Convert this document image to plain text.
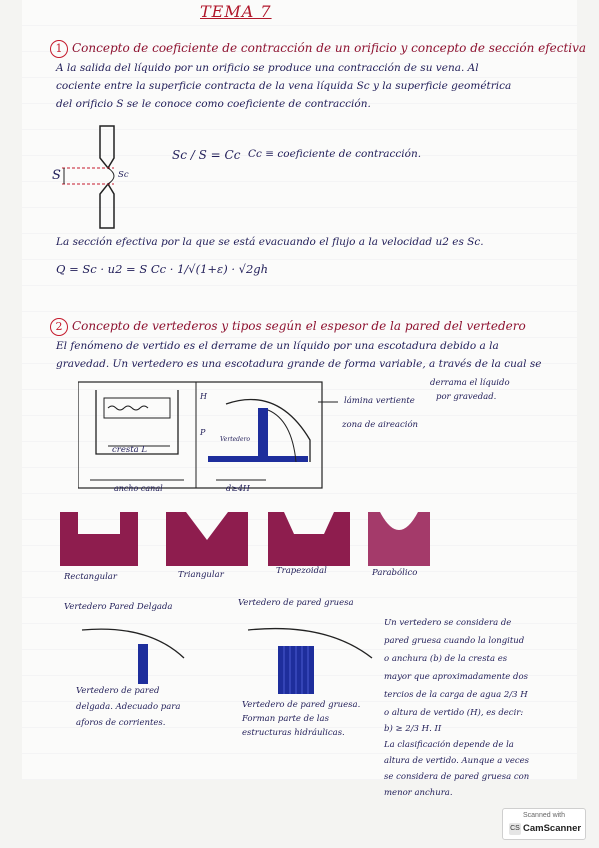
TEMA 7
1 Concepto de coeficiente de contracción de un orificio y concepto de sección efectiva
A la salida del líquido por un orificio se produce una contracción de su vena. Al
cociente entre la superficie contracta de la vena líquida Sc y la superficie geométrica
del orificio S se le conoce como coeficiente de contracción.
S	Sc
Sc / S = Cc Cc ≡ coeficiente de contracción.
La sección efectiva por la que se está evacuando el flujo a la velocidad u2 es Sc.
Q = Sc · u2 = S Cc · 1/√(1+ε) · √2gh
2 Concepto de vertederos y tipos según el espesor de la pared del vertedero
El fenómeno de vertido es el derrame de un líquido por una escotadura debido a la
gravedad. Un vertedero es una escotadura grande de forma variable, a través de la cual se
derrama el líquido
por gravedad.
cresta L
ancho canal
H
P
Vertedero
d≥4H
lámina vertiente
zona de aireación
Rectangular	Triangular	Trapezoidal	Parabólico
Vertedero Pared Delgada
Vertedero de pared
delgada. Adecuado para
aforos de corrientes.
Vertedero de pared gruesa
Vertedero de pared gruesa.
Forman parte de las
estructuras hidráulicas.
Un vertedero se considera de
pared gruesa cuando la longitud
o anchura (b) de la cresta es
mayor que aproximadamente dos
tercios de la carga de agua 2/3 H
o altura de vertido (H), es decir:
b) ≥ 2/3 H. II
La clasificación depende de la
altura de vertido. Aunque a veces
se considera de pared gruesa con
menor anchura.
Scanned with
CS CamScanner
